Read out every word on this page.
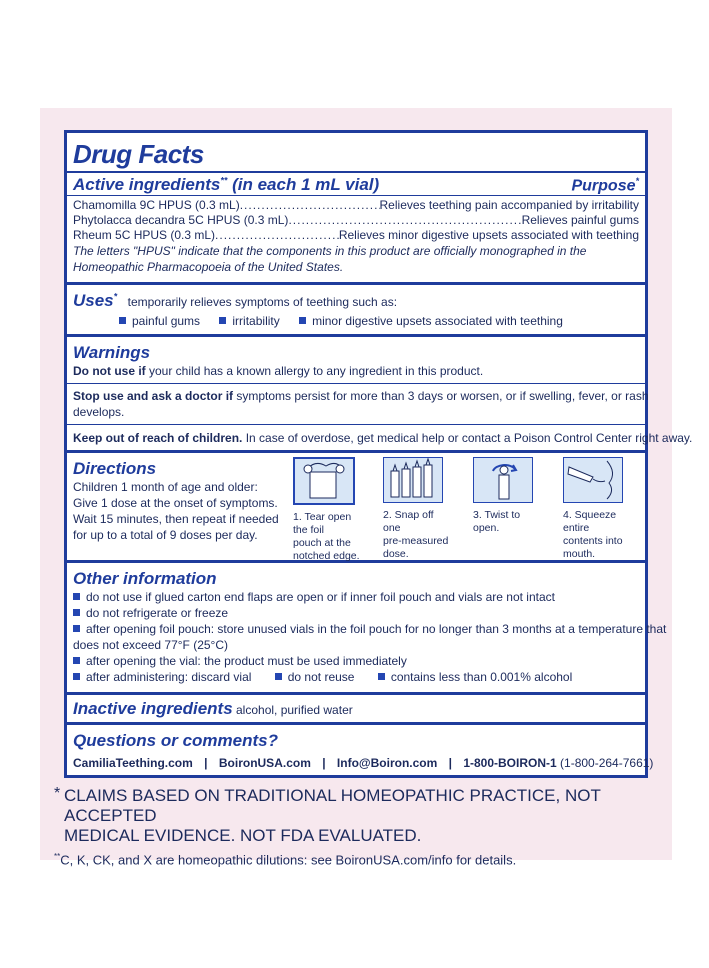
Drug Facts
Active ingredients** (in each 1 mL vial)	Purpose*
Chamomilla 9C HPUS (0.3 mL) .....	Relieves teething pain accompanied by irritability
Phytolacca decandra 5C HPUS (0.3 mL) .....	Relieves painful gums
Rheum 5C HPUS (0.3 mL) .....	Relieves minor digestive upsets associated with teething
The letters "HPUS" indicate that the components in this product are officially monographed in the
Homeopathic Pharmacopoeia of the United States.
Uses* temporarily relieves symptoms of teething such as:
painful gums	irritability	minor digestive upsets associated with teething
Warnings
Do not use if your child has a known allergy to any ingredient in this product.
Stop use and ask a doctor if symptoms persist for more than 3 days or worsen, or if swelling, fever, or rash
develops.
Keep out of reach of children. In case of overdose, get medical help or contact a Poison Control Center right away.
Directions
Children 1 month of age and older:
Give 1 dose at the onset of symptoms.
Wait 15 minutes, then repeat if needed
for up to a total of 9 doses per day.
1. Tear open the foil
pouch at the
notched edge.
2. Snap off one
pre-measured
dose.
3. Twist to open.
4. Squeeze entire
contents into
mouth.
Other information
do not use if glued carton end flaps are open or if inner foil pouch and vials are not intact
do not refrigerate or freeze
after opening foil pouch: store unused vials in the foil pouch for no longer than 3 months at a temperature that
does not exceed 77°F (25°C)
after opening the vial: the product must be used immediately
after administering: discard vial	do not reuse	contains less than 0.001% alcohol
Inactive ingredients alcohol, purified water
Questions or comments?
CamiliaTeething.com | BoironUSA.com | Info@Boiron.com | 1-800-BOIRON-1 (1-800-264-7661)
* CLAIMS BASED ON TRADITIONAL HOMEOPATHIC PRACTICE, NOT ACCEPTED
MEDICAL EVIDENCE. NOT FDA EVALUATED.
**C, K, CK, and X are homeopathic dilutions: see BoironUSA.com/info for details.
